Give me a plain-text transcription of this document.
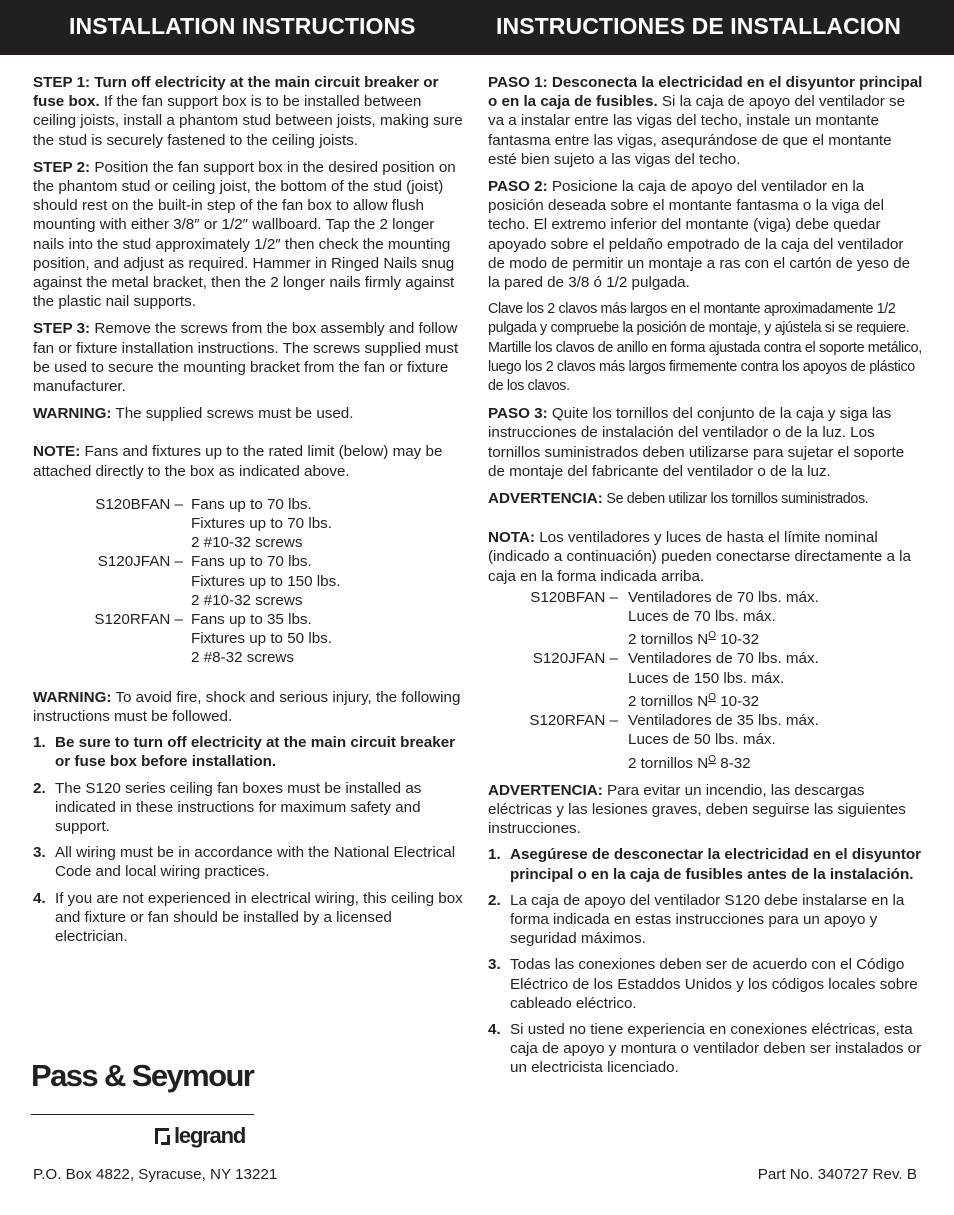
INSTALLATION INSTRUCTIONS	INSTRUCTIONES DE INSTALLACION

STEP 1: Turn off electricity at the main circuit breaker or fuse box. If the fan support box is to be installed between ceiling joists, install a phantom stud between joists, making sure the stud is securely fastened to the ceiling joists.

STEP 2: Position the fan support box in the desired position on the phantom stud or ceiling joist, the bottom of the stud (joist) should rest on the built-in step of the fan box to allow flush mounting with either 3/8″ or 1/2″ wallboard. Tap the 2 longer nails into the stud approximately 1/2″ then check the mounting position, and adjust as required. Hammer in Ringed Nails snug against the metal bracket, then the 2 longer nails firmly against the plastic nail supports.

STEP 3: Remove the screws from the box assembly and follow fan or fixture installation instructions. The screws supplied must be used to secure the mounting bracket from the fan or fixture manufacturer.

WARNING: The supplied screws must be used.

NOTE: Fans and fixtures up to the rated limit (below) may be attached directly to the box as indicated above.

S120BFAN – Fans up to 70 lbs.
Fixtures up to 70 lbs.
2 #10-32 screws
S120JFAN – Fans up to 70 lbs.
Fixtures up to 150 lbs.
2 #10-32 screws
S120RFAN – Fans up to 35 lbs.
Fixtures up to 50 lbs.
2 #8-32 screws

WARNING: To avoid fire, shock and serious injury, the following instructions must be followed.

1. Be sure to turn off electricity at the main circuit breaker or fuse box before installation.
2. The S120 series ceiling fan boxes must be installed as indicated in these instructions for maximum safety and support.
3. All wiring must be in accordance with the National Electrical Code and local wiring practices.
4. If you are not experienced in electrical wiring, this ceiling box and fixture or fan should be installed by a licensed electrician.

PASO 1: Desconecta la electricidad en el disyuntor principal o en la caja de fusibles. Si la caja de apoyo del ventilador se va a instalar entre las vigas del techo, instale un montante fantasma entre las vigas, asequrándose de que el montante esté bien sujeto a las vigas del techo.

PASO 2: Posicione la caja de apoyo del ventilador en la posición deseada sobre el montante fantasma o la viga del techo. El extremo inferior del montante (viga) debe quedar apoyado sobre el peldaño empotrado de la caja del ventilador de modo de permitir un montaje a ras con el cartón de yeso de la pared de 3/8 ó 1/2 pulgada.

Clave los 2 clavos más largos en el montante aproximadamente 1/2 pulgada y compruebe la posición de montaje, y ajústela si se requiere. Martille los clavos de anillo en forma ajustada contra el soporte metálico, luego los 2 clavos más largos firmemente contra los apoyos de plástico de los clavos.

PASO 3: Quite los tornillos del conjunto de la caja y siga las instrucciones de instalación del ventilador o de la luz. Los tornillos suministrados deben utilizarse para sujetar el soporte de montaje del fabricante del ventilador o de la luz.

ADVERTENCIA: Se deben utilizar los tornillos suministrados.

NOTA: Los ventiladores y luces de hasta el límite nominal (indicado a continuación) pueden conectarse directamente a la caja en la forma indicada arriba.

S120BFAN – Ventiladores de 70 lbs. máx.
Luces de 70 lbs. máx.
2 tornillos $N^O$ 10-32
S120JFAN – Ventiladores de 70 lbs. máx.
Luces de 150 lbs. máx.
2 tornillos $N^O$ 10-32
S120RFAN – Ventiladores de 35 lbs. máx.
Luces de 50 lbs. máx.
2 tornillos $N^O$ 8-32

ADVERTENCIA: Para evitar un incendio, las descargas eléctricas y las lesiones graves, deben seguirse las siguientes instrucciones.

1. Asegúrese de desconectar la electricidad en el disyuntor principal o en la caja de fusibles antes de la instalación.
2. La caja de apoyo del ventilador S120 debe instalarse en la forma indicada en estas instrucciones para un apoyo y seguridad máximos.
3. Todas las conexiones deben ser de acuerdo con el Código Eléctrico de los Estaddos Unidos y los códigos locales sobre cableado eléctrico.
4. Si usted no tiene experiencia en conexiones eléctricas, esta caja de apoyo y montura o ventilador deben ser instalados or un electricista licenciado.
Pass & Seymour
legrand
P.O. Box 4822, Syracuse, NY 13221	Part No. 340727 Rev. B
